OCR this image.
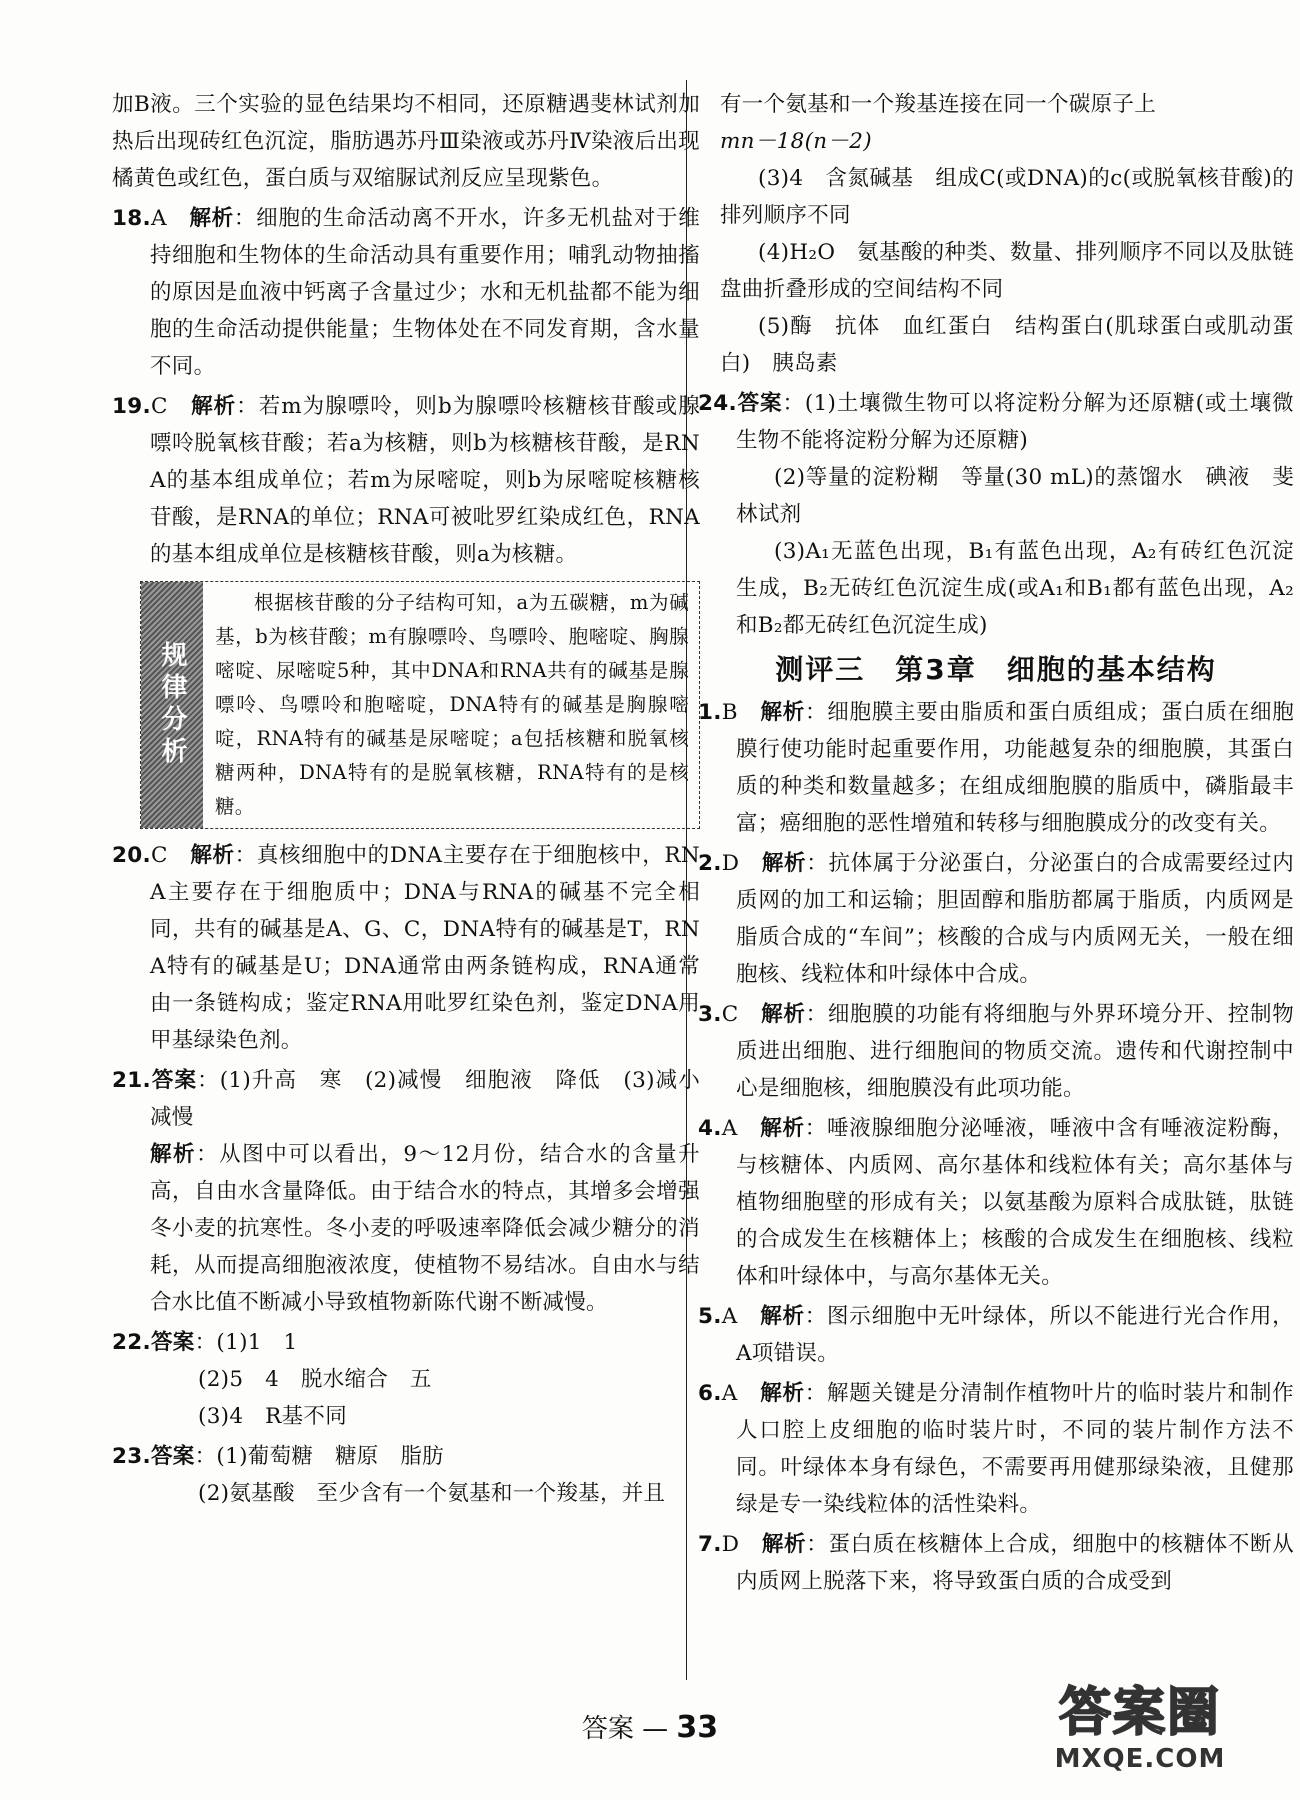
加B液。三个实验的显色结果均不相同，还原糖遇斐林试剂加热后出现砖红色沉淀，脂肪遇苏丹Ⅲ染液或苏丹Ⅳ染液后出现橘黄色或红色，蛋白质与双缩脲试剂反应呈现紫色。

18.A　 解析：细胞的生命活动离不开水，许多无机盐对于维持细胞和生物体的生命活动具有重要作用；哺乳动物抽搐的原因是血液中钙离子含量过少；水和无机盐都不能为细胞的生命活动提供能量；生物体处在不同发育期，含水量不同。

19.C　 解析：若m为腺嘌呤，则b为腺嘌呤核糖核苷酸或腺嘌呤脱氧核苷酸；若a为核糖，则b为核糖核苷酸，是RNA的基本组成单位；若m为尿嘧啶，则b为尿嘧啶核糖核苷酸，是RNA的单位；RNA可被吡罗红染成红色，RNA的基本组成单位是核糖核苷酸，则a为核糖。

规律分析

根据核苷酸的分子结构可知，a为五碳糖，m为碱基，b为核苷酸；m有腺嘌呤、鸟嘌呤、胞嘧啶、胸腺嘧啶、尿嘧啶5种，其中DNA和RNA共有的碱基是腺嘌呤、鸟嘌呤和胞嘧啶，DNA特有的碱基是胸腺嘧啶，RNA特有的碱基是尿嘧啶；a包括核糖和脱氧核糖两种，DNA特有的是脱氧核糖，RNA特有的是核糖。

20.C　 解析：真核细胞中的DNA主要存在于细胞核中，RNA主要存在于细胞质中；DNA与RNA的碱基不完全相同，共有的碱基是A、G、C，DNA特有的碱基是T，RNA特有的碱基是U；DNA通常由两条链构成，RNA通常由一条链构成；鉴定RNA用吡罗红染色剂，鉴定DNA用甲基绿染色剂。

21.答案：(1)升高　寒　(2)减慢　细胞液　降低　(3)减小　减慢

解析：从图中可以看出，9～12月份，结合水的含量升高，自由水含量降低。由于结合水的特点，其增多会增强冬小麦的抗寒性。冬小麦的呼吸速率降低会减少糖分的消耗，从而提高细胞液浓度，使植物不易结冰。自由水与结合水比值不断减小导致植物新陈代谢不断减慢。

22.答案：(1)1　1

(2)5　4　脱水缩合　五

(3)4　R基不同

23.答案：(1)葡萄糖　糖原　脂肪

(2)氨基酸　至少含有一个氨基和一个羧基，并且

有一个氨基和一个羧基连接在同一个碳原子上

mn－18(n－2)

(3)4　含氮碱基　组成C(或DNA)的c(或脱氧核苷酸)的排列顺序不同

(4)H₂O　氨基酸的种类、数量、排列顺序不同以及肽链盘曲折叠形成的空间结构不同

(5)酶　抗体　血红蛋白　结构蛋白(肌球蛋白或肌动蛋白)　胰岛素

24.答案：(1)土壤微生物可以将淀粉分解为还原糖(或土壤微生物不能将淀粉分解为还原糖)

(2)等量的淀粉糊　等量(30 mL)的蒸馏水　碘液　斐林试剂

(3)A₁无蓝色出现，B₁有蓝色出现，A₂有砖红色沉淀生成，B₂无砖红色沉淀生成(或A₁和B₁都有蓝色出现，A₂和B₂都无砖红色沉淀生成)

测评三　第3章　细胞的基本结构

1.B　 解析：细胞膜主要由脂质和蛋白质组成；蛋白质在细胞膜行使功能时起重要作用，功能越复杂的细胞膜，其蛋白质的种类和数量越多；在组成细胞膜的脂质中，磷脂最丰富；癌细胞的恶性增殖和转移与细胞膜成分的改变有关。

2.D　 解析：抗体属于分泌蛋白，分泌蛋白的合成需要经过内质网的加工和运输；胆固醇和脂肪都属于脂质，内质网是脂质合成的“车间”；核酸的合成与内质网无关，一般在细胞核、线粒体和叶绿体中合成。

3.C　 解析：细胞膜的功能有将细胞与外界环境分开、控制物质进出细胞、进行细胞间的物质交流。遗传和代谢控制中心是细胞核，细胞膜没有此项功能。

4.A　 解析：唾液腺细胞分泌唾液，唾液中含有唾液淀粉酶，与核糖体、内质网、高尔基体和线粒体有关；高尔基体与植物细胞壁的形成有关；以氨基酸为原料合成肽链，肽链的合成发生在核糖体上；核酸的合成发生在细胞核、线粒体和叶绿体中，与高尔基体无关。

5.A　 解析：图示细胞中无叶绿体，所以不能进行光合作用，A项错误。

6.A　 解析：解题关键是分清制作植物叶片的临时装片和制作人口腔上皮细胞的临时装片时，不同的装片制作方法不同。叶绿体本身有绿色，不需要再用健那绿染液，且健那绿是专一染线粒体的活性染料。

7.D　 解析：蛋白质在核糖体上合成，细胞中的核糖体不断从内质网上脱落下来，将导致蛋白质的合成受到

答案 — 33	答案圈
MXQE.COM
